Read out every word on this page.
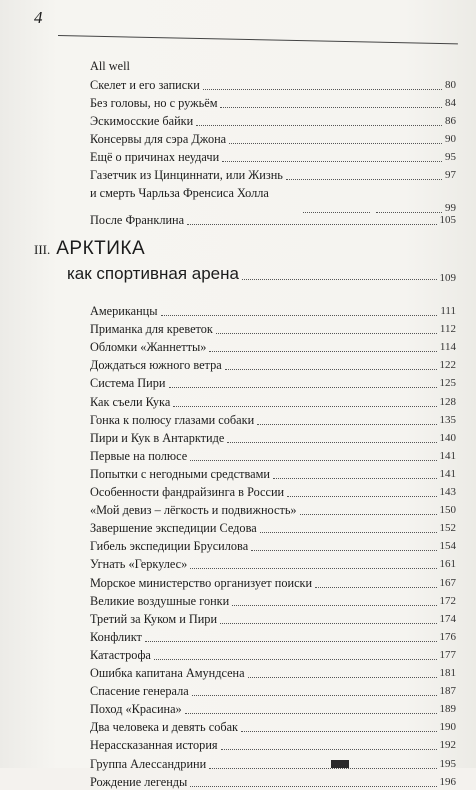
4
All well
Скелет и его записки	80
Без головы, но с ружьём	84
Эскимосские байки	86
Консервы для сэра Джона	90
Ещё о причинах неудачи	95
Газетчик из Цинциннати, или Жизнь	97
и смерть Чарльза Френсиса Холла
99
После Франклина	105
III. АРКТИКА
как спортивная арена	109
Американцы	111
Приманка для креветок	112
Обломки «Жаннетты»	114
Дождаться южного ветра	122
Система Пири	125
Как съели Кука	128
Гонка к полюсу глазами собаки	135
Пири и Кук в Антарктиде	140
Первые на полюсе	141
Попытки с негодными средствами	141
Особенности фандрайзинга в России	143
«Мой девиз – лёгкость и подвижность»	150
Завершение экспедиции Седова	152
Гибель экспедиции Брусилова	154
Угнать «Геркулес»	161
Морское министерство организует поиски	167
Великие воздушные гонки	172
Третий за Куком и Пири	174
Конфликт	176
Катастрофа	177
Ошибка капитана Амундсена	181
Спасение генерала	187
Поход «Красина»	189
Два человека и девять собак	190
Нерассказанная история	192
Группа Алессандрини	195
Рождение легенды	196
